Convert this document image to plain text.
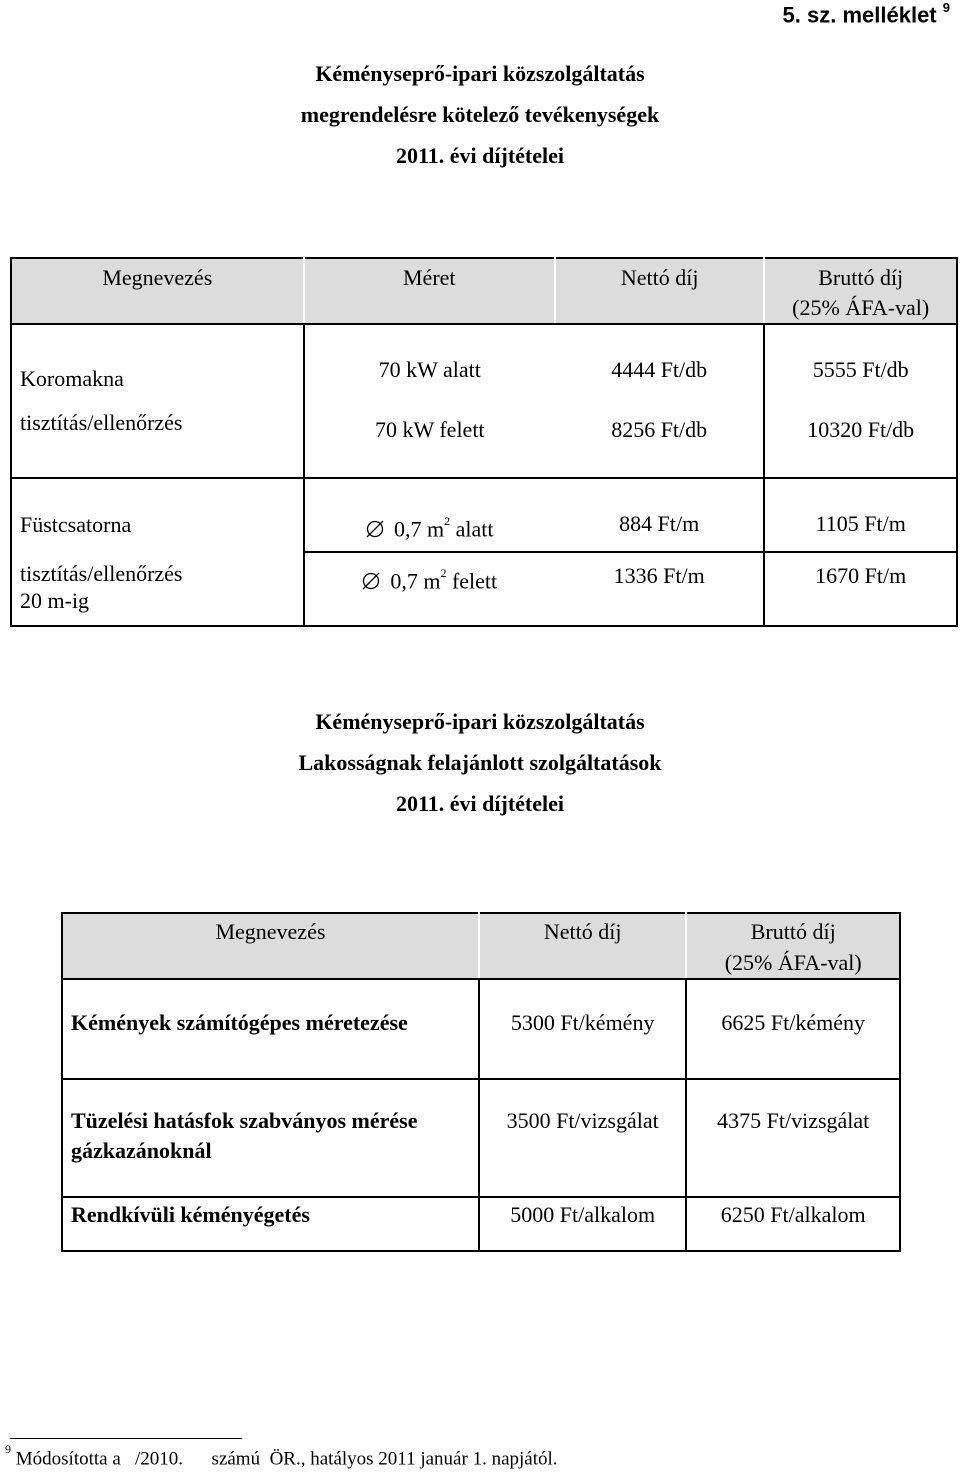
5. sz. melléklet $^9$
Kéményseprő-ipari közszolgáltatás
megrendelésre kötelező tevékenységek
2011. évi díjtételei
Megnevezés	Méret	Nettó díj	Bruttó díj
(25% ÁFA-val)

Koromakna
tisztítás/ellenőrzés	70 kW alatt	4444 Ft/db	5555 Ft/db
	70 kW felett	8256 Ft/db	10320 Ft/db

Füstcsatorna
tisztítás/ellenőrzés
20 m-ig	0,7 $m^2$ alatt	884 Ft/m	1105 Ft/m
	0,7 $m^2$ felett	1336 Ft/m	1670 Ft/m
Kéményseprő-ipari közszolgáltatás
Lakosságnak felajánlott szolgáltatások
2011. évi díjtételei
Megnevezés	Nettó díj	Bruttó díj
(25% ÁFA-val)

Kémények számítógépes méretezése	5300 Ft/kémény	6625 Ft/kémény

Tüzelési hatásfok szabványos mérése
gázkazánoknál	3500 Ft/vizsgálat	4375 Ft/vizsgálat
Rendkívüli kéményégetés	5000 Ft/alkalom	6250 Ft/alkalom
$^9$ Módosította a   /2010.      számú  ÖR., hatályos 2011 január 1. napjától.
